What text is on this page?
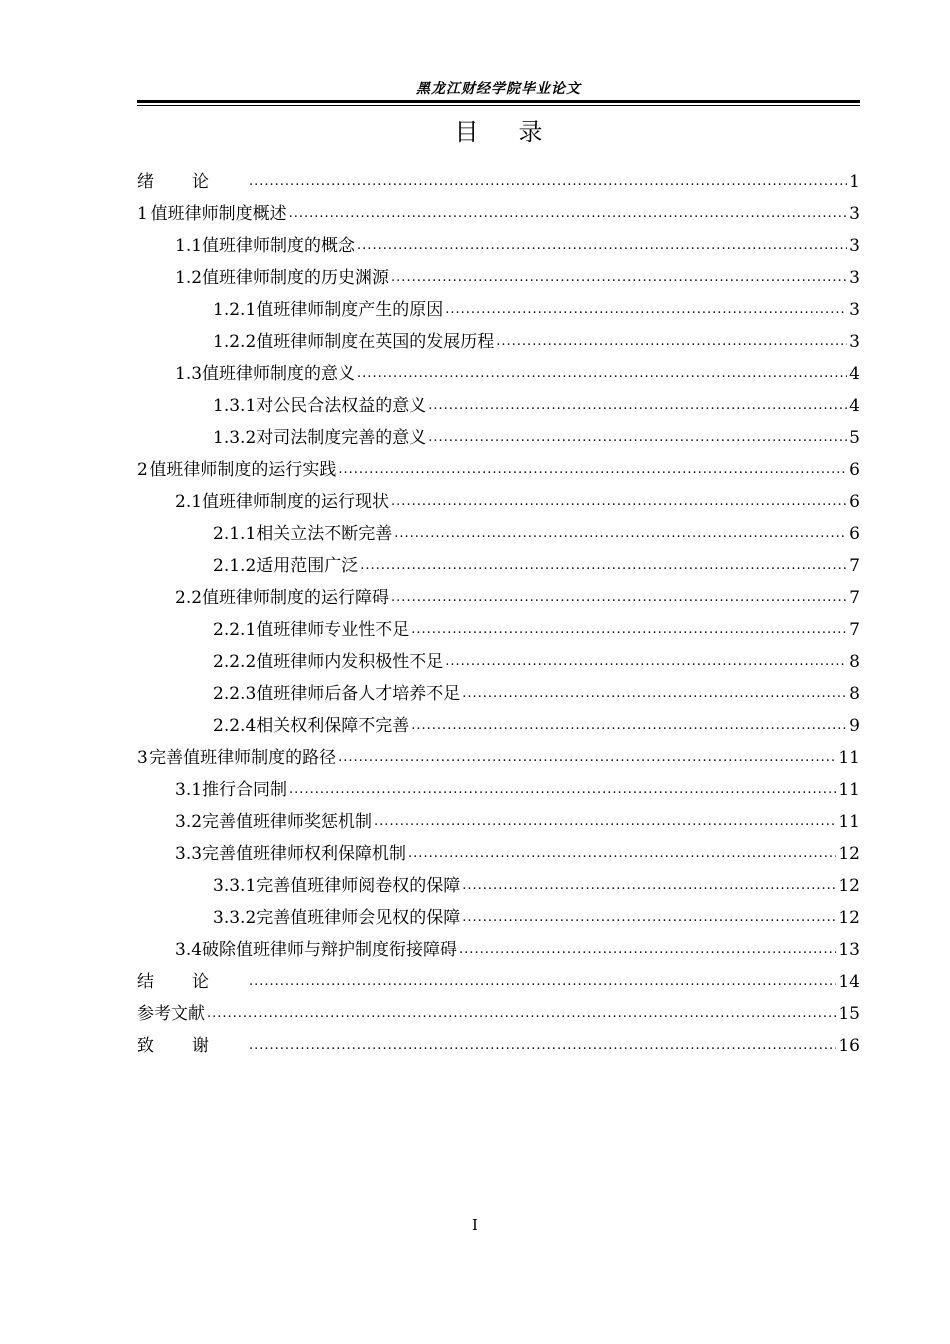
黑龙江财经学院毕业论文
目录
绪论 .....	1
1 值班律师制度概述 .....	3
1.1 值班律师制度的概念 .....	3
1.2 值班律师制度的历史渊源 .....	3
1.2.1 值班律师制度产生的原因 .....	3
1.2.2 值班律师制度在英国的发展历程 .....	3
1.3 值班律师制度的意义 .....	4
1.3.1 对公民合法权益的意义 .....	4
1.3.2 对司法制度完善的意义 .....	5
2 值班律师制度的运行实践 .....	6
2.1 值班律师制度的运行现状 .....	6
2.1.1 相关立法不断完善 .....	6
2.1.2 适用范围广泛 .....	7
2.2 值班律师制度的运行障碍 .....	7
2.2.1 值班律师专业性不足 .....	7
2.2.2 值班律师内发积极性不足 .....	8
2.2.3 值班律师后备人才培养不足 .....	8
2.2.4 相关权利保障不完善 .....	9
3 完善值班律师制度的路径 .....	11
3.1 推行合同制 .....	11
3.2 完善值班律师奖惩机制 .....	11
3.3 完善值班律师权利保障机制 .....	12
3.3.1 完善值班律师阅卷权的保障 .....	12
3.3.2 完善值班律师会见权的保障 .....	12
3.4 破除值班律师与辩护制度衔接障碍 .....	13
结论 .....	14
参考文献 .....	15
致谢 .....	16
I
